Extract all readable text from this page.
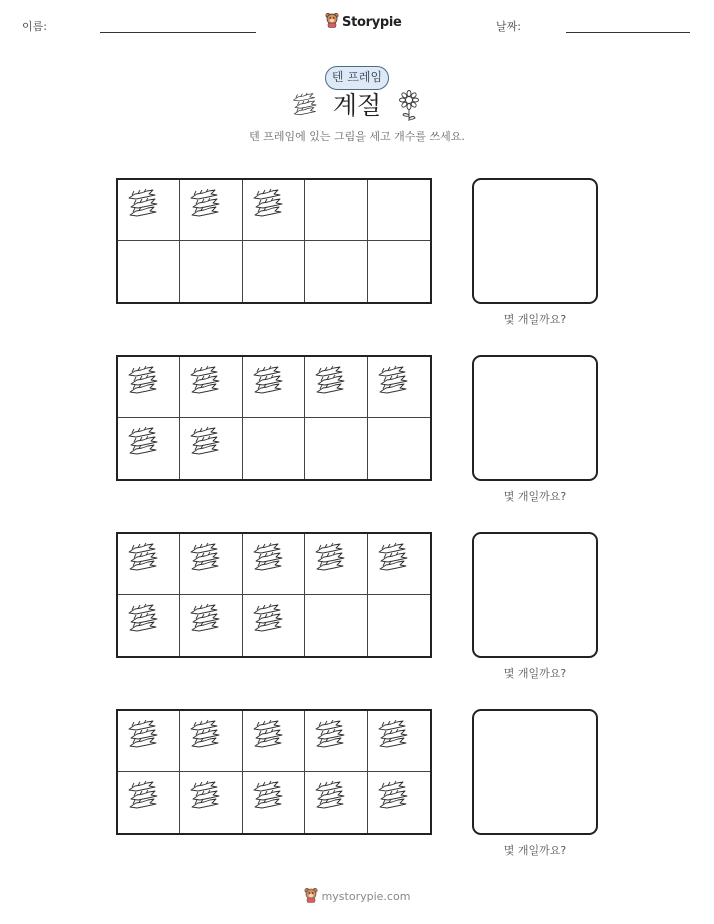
이름:	Storypie	날짜:
텐 프레임
계절
텐 프레임에 있는 그림을 세고 개수를 쓰세요.
몇 개일까요?
몇 개일까요?
몇 개일까요?
몇 개일까요?
mystorypie.com
